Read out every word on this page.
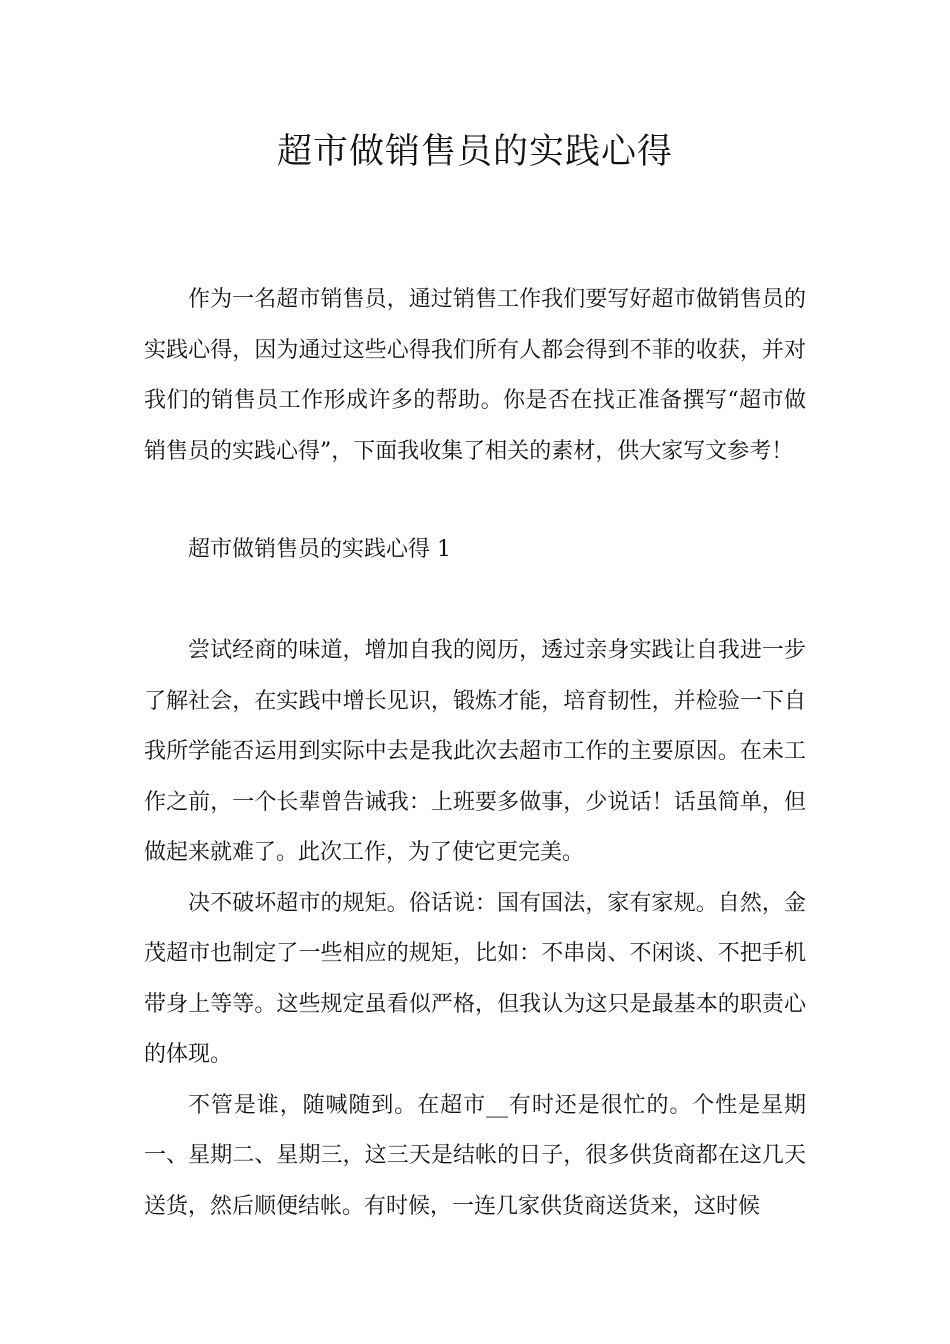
超市做销售员的实践心得

作为一名超市销售员，通过销售工作我们要写好超市做销售员的实践心得，因为通过这些心得我们所有人都会得到不菲的收获，并对我们的销售员工作形成许多的帮助。你是否在找正准备撰写“超市做销售员的实践心得”，下面我收集了相关的素材，供大家写文参考！

超市做销售员的实践心得 1

尝试经商的味道，增加自我的阅历，透过亲身实践让自我进一步了解社会，在实践中增长见识，锻炼才能，培育韧性，并检验一下自我所学能否运用到实际中去是我此次去超市工作的主要原因。在未工作之前，一个长辈曾告诫我：上班要多做事，少说话！话虽简单，但做起来就难了。此次工作，为了使它更完美。

决不破坏超市的规矩。俗话说：国有国法，家有家规。自然，金茂超市也制定了一些相应的规矩，比如：不串岗、不闲谈、不把手机带身上等等。这些规定虽看似严格，但我认为这只是最基本的职责心的体现。

不管是谁，随喊随到。在超市__有时还是很忙的。个性是星期一、星期二、星期三，这三天是结帐的日子，很多供货商都在这几天送货，然后顺便结帐。有时候，一连几家供货商送货来，这时候
